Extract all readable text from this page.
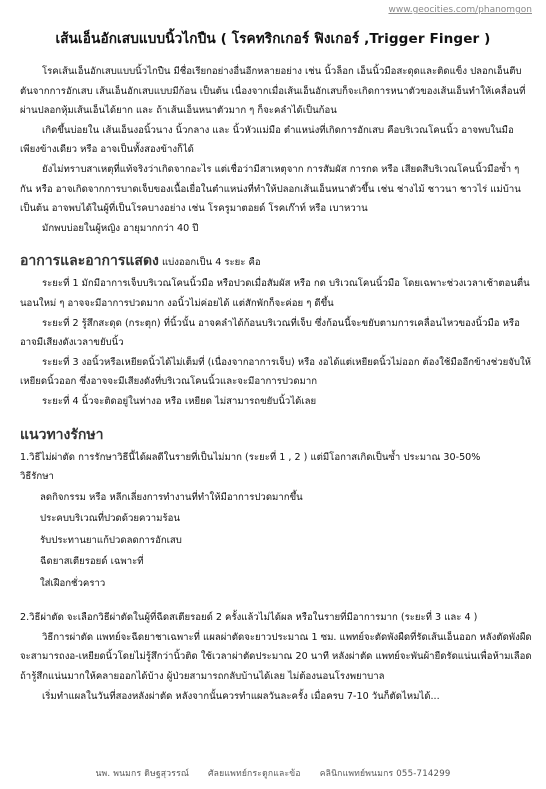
www.geocities.com/phanomgon
เส้นเอ็นอักเสบแบบนิ้วไกปืน ( โรคทริกเกอร์ ฟิงเกอร์ ,Trigger Finger )

โรคเส้นเอ็นอักเสบแบบนิ้วไกปืน มีชื่อเรียกอย่างอื่นอีกหลายอย่าง เช่น นิ้วล็อก เอ็นนิ้วมือสะดุดและติดแข็ง ปลอกเอ็นตีบตันจากการอักเสบ เส้นเอ็นอักเสบแบบมีก้อน เป็นต้น เนื่องจากเมื่อเส้นเอ็นอักเสบก็จะเกิดการหนาตัวของเส้นเอ็นทำให้เคลื่อนที่ผ่านปลอกหุ้มเส้นเอ็นได้ยาก และ ถ้าเส้นเอ็นหนาตัวมาก ๆ ก็จะคลำได้เป็นก้อน

เกิดขึ้นบ่อยใน เส้นเอ็นงอนิ้วนาง นิ้วกลาง และ นิ้วหัวแม่มือ ตำแหน่งที่เกิดการอักเสบ คือบริเวณโคนนิ้ว อาจพบในมือเพียงข้างเดียว หรือ อาจเป็นทั้งสองข้างก็ได้

ยังไม่ทราบสาเหตุที่แท้จริงว่าเกิดจากอะไร แต่เชื่อว่ามีสาเหตุจาก การสัมผัส การกด หรือ เสียดสีบริเวณโคนนิ้วมือซ้ำ ๆ กัน หรือ อาจเกิดจากการบาดเจ็บของเนื้อเยื่อในตำแหน่งที่ทำให้ปลอกเส้นเอ็นหนาตัวขึ้น เช่น ช่างไม้ ชาวนา ชาวไร่ แม่บ้าน เป็นต้น อาจพบได้ในผู้ที่เป็นโรคบางอย่าง เช่น โรครูมาตอยด์ โรคเก๊าท์ หรือ เบาหวาน

มักพบบ่อยในผู้หญิง อายุมากกว่า 40 ปี

อาการและอาการแสดง แบ่งออกเป็น 4 ระยะ คือ

ระยะที่ 1 มักมีอาการเจ็บบริเวณโคนนิ้วมือ หรือปวดเมื่อสัมผัส หรือ กด บริเวณโคนนิ้วมือ โดยเฉพาะช่วงเวลาเช้าตอนตื่นนอนใหม่ ๆ อาจจะมีอาการปวดมาก งอนิ้วไม่ค่อยได้ แต่สักพักก็จะค่อย ๆ ดีขึ้น

ระยะที่ 2 รู้สึกสะดุด (กระตุก) ที่นิ้วนั้น อาจคลำได้ก้อนบริเวณที่เจ็บ ซึ่งก้อนนี้จะขยับตามการเคลื่อนไหวของนิ้วมือ หรือ อาจมีเสียงดังเวลาขยับนิ้ว

ระยะที่ 3 งอนิ้วหรือเหยียดนิ้วได้ไม่เต็มที่ (เนื่องจากอาการเจ็บ) หรือ งอได้แต่เหยียดนิ้วไม่ออก ต้องใช้มืออีกข้างช่วยจับให้เหยียดนิ้วออก ซึ่งอาจจะมีเสียงดังที่บริเวณโคนนิ้วและจะมีอาการปวดมาก

ระยะที่ 4 นิ้วจะติดอยู่ในท่างอ หรือ เหยียด ไม่สามารถขยับนิ้วได้เลย

แนวทางรักษา

1.วิธีไม่ผ่าตัด การรักษาวิธีนี้ได้ผลดีในรายที่เป็นไม่มาก (ระยะที่ 1 , 2 ) แต่มีโอกาสเกิดเป็นซ้ำ ประมาณ 30-50%

วิธีรักษา

ลดกิจกรรม หรือ หลีกเลี่ยงการทำงานที่ทำให้มีอาการปวดมากขึ้น
ประคบบริเวณที่ปวดด้วยความร้อน
รับประทานยาแก้ปวดลดการอักเสบ
ฉีดยาสเตียรอยด์ เฉพาะที่
ใส่เฝือกชั่วคราว

2.วิธีผ่าตัด จะเลือกวิธีผ่าตัดในผู้ที่ฉีดสเตียรอยด์ 2 ครั้งแล้วไม่ได้ผล หรือในรายที่มีอาการมาก (ระยะที่ 3 และ 4 )

วิธีการผ่าตัด แพทย์จะฉีดยาชาเฉพาะที่ แผลผ่าตัดจะยาวประมาณ 1 ซม. แพทย์จะตัดพังผืดที่รัดเส้นเอ็นออก หลังตัดพังผืดจะสามารถงอ-เหยียดนิ้วโดยไม่รู้สึกว่านิ้วติด ใช้เวลาผ่าตัดประมาณ 20 นาที หลังผ่าตัด แพทย์จะพันผ้ายืดรัดแน่นเพื่อห้ามเลือด ถ้ารู้สึกแน่นมากให้คลายออกได้บ้าง ผู้ป่วยสามารถกลับบ้านได้เลย ไม่ต้องนอนโรงพยาบาล

เริ่มทำแผลในวันที่สองหลังผ่าตัด หลังจากนั้นควรทำแผลวันละครั้ง เมื่อครบ 7-10 วันก็ตัดไหมได้...

นพ. พนมกร ดิษฐสุวรรณ์ ศัลยแพทย์กระดูกและข้อ คลินิกแพทย์พนมกร 055-714299
